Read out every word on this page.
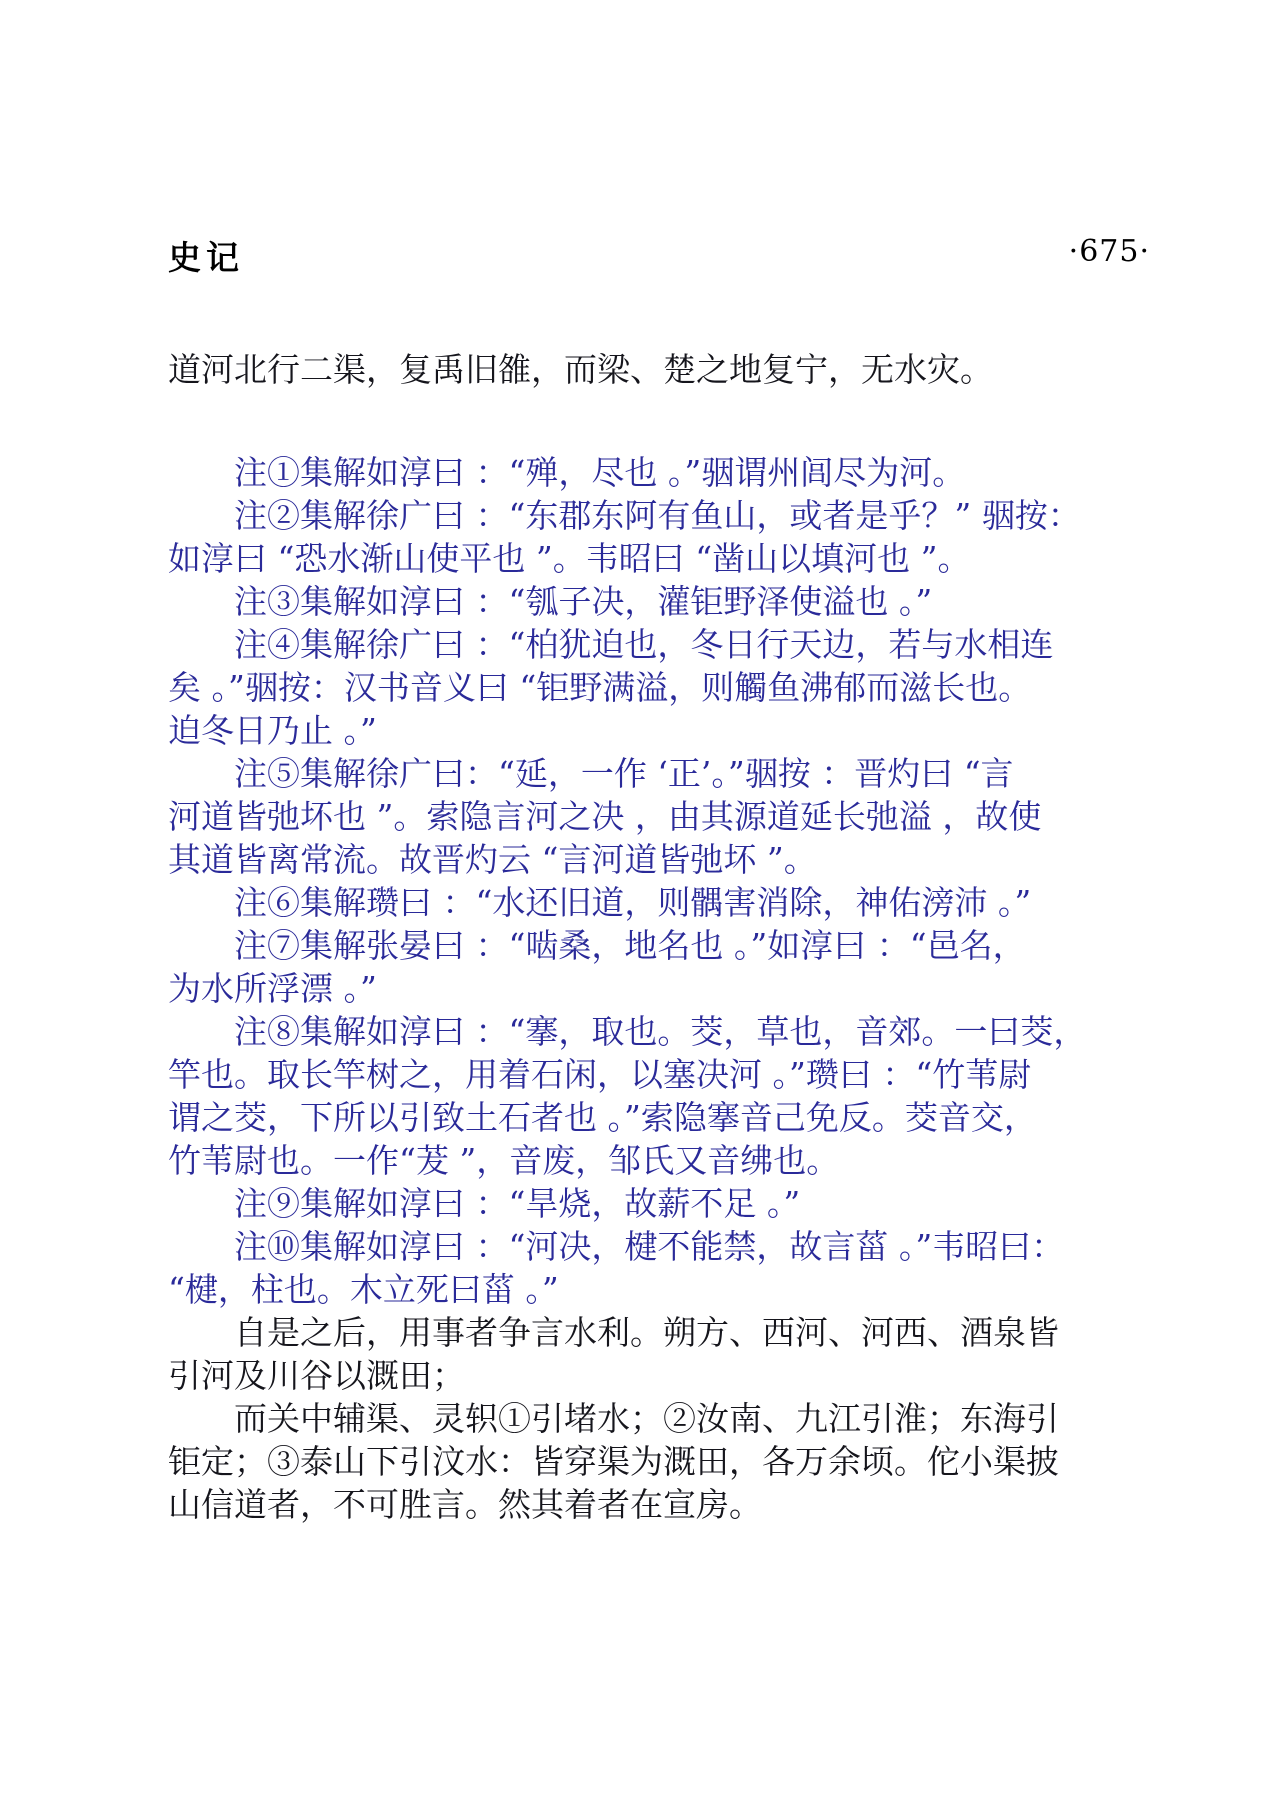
史记	·675·
道河北行二渠，复禹旧雒，而梁、楚之地复宁，无水灾。
注①集解如淳曰 ：“殚，尽也 。”骃谓州闾尽为河。
注②集解徐广曰 ：“东郡东阿有鱼山，或者是乎？” 骃按：
如淳曰 “恐水渐山使平也 ”。韦昭曰 “凿山以填河也 ”。
注③集解如淳曰 ：“瓠子决，灌钜野泽使溢也 。”
注④集解徐广曰 ：“柏犹迫也，冬日行天边，若与水相连
矣 。”骃按：汉书音义曰 “钜野满溢，则觸鱼沸郁而滋长也。
迫冬日乃止 。”
注⑤集解徐广曰：“延，一作 ‘正’。”骃按 ：晋灼曰 “言
河道皆弛坏也 ”。索隐言河之决 ，由其源道延长弛溢 ，故使
其道皆离常流。故晋灼云 “言河道皆弛坏 ”。
注⑥集解瓒曰 ：“水还旧道，则髃害消除，神佑滂沛 。”
注⑦集解张晏曰 ：“啮桑，地名也 。”如淳曰 ：“邑名，
为水所浮漂 。”
注⑧集解如淳曰 ：“搴，取也。茭，草也，音郊。一曰茭，
竿也。取长竿树之，用着石闲，以塞决河 。”瓒曰 ：“竹苇尉
谓之茭，下所以引致土石者也 。”索隐搴音己免反。茭音交，
竹苇尉也。一作“茇 ”，音废，邹氏又音绋也。
注⑨集解如淳曰 ：“旱烧，故薪不足 。”
注⑩集解如淳曰 ：“河决，楗不能禁，故言菑 。”韦昭曰：
“楗，柱也。木立死曰菑 。”
自是之后，用事者争言水利。朔方、西河、河西、酒泉皆
引河及川谷以溉田；
而关中辅渠、灵轵①引堵水；②汝南、九江引淮；东海引
钜定；③泰山下引汶水：皆穿渠为溉田，各万余顷。佗小渠披
山信道者，不可胜言。然其着者在宣房。
